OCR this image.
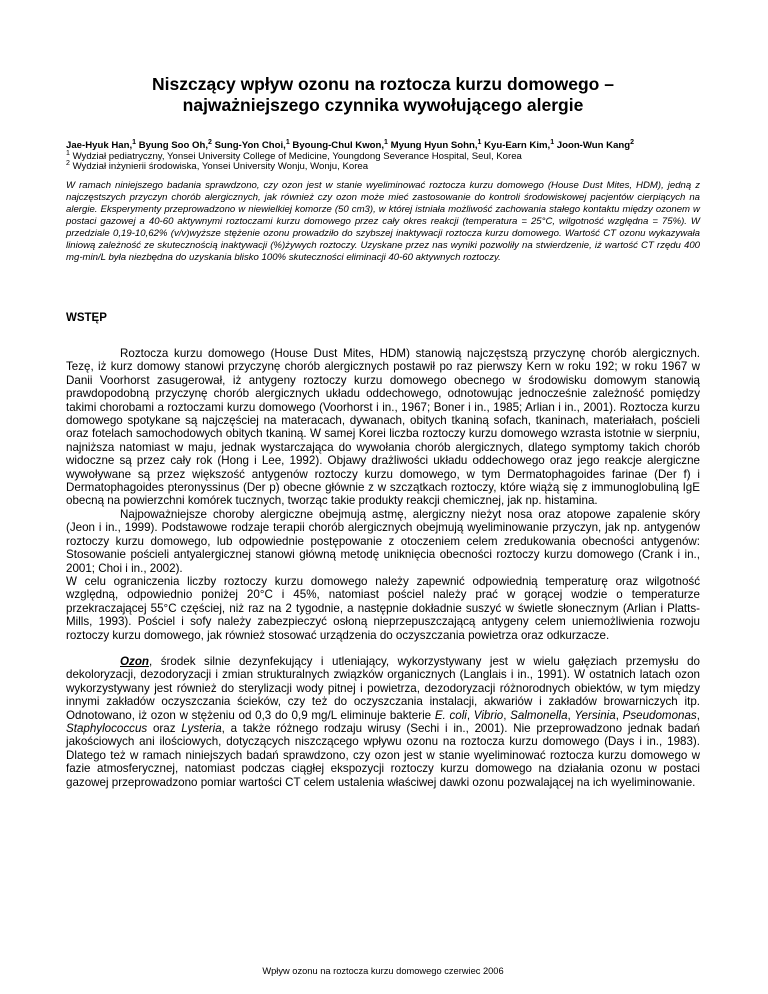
Niszczący wpływ ozonu na roztocza kurzu domowego –
najważniejszego czynnika wywołującego alergie
Jae-Hyuk Han,$^1$ Byung Soo Oh,$^2$ Sung-Yon Choi,$^1$ Byoung-Chul Kwon,$^1$ Myung Hyun Sohn,$^1$ Kyu-Earn Kim,$^1$ Joon-Wun Kang$^2$
$^1$ Wydział pediatryczny, Yonsei University College of Medicine, Youngdong Severance Hospital, Seul, Korea
$^2$ Wydział inżynierii środowiska, Yonsei University Wonju, Wonju, Korea

W ramach niniejszego badania sprawdzono, czy ozon jest w stanie wyeliminować roztocza kurzu domowego (House Dust Mites, HDM), jedną z najczęstszych przyczyn chorób alergicznych, jak również czy ozon może mieć zastosowanie do kontroli środowiskowej pacjentów cierpiących na alergie. Eksperymenty przeprowadzono w niewielkiej komorze (50 cm3), w której istniała możliwość zachowania stałego kontaktu między ozonem w postaci gazowej a 40-60 aktywnymi roztoczami kurzu domowego przez cały okres reakcji (temperatura = 25°C, wilgotność względna = 75%). W przedziale 0,19-10,62% (v/v)wyższe stężenie ozonu prowadziło do szybszej inaktywacji roztocza kurzu domowego. Wartość CT ozonu wykazywała liniową zależność ze skutecznością inaktywacji (%)żywych roztoczy. Uzyskane przez nas wyniki pozwoliły na stwierdzenie, iż wartość CT rzędu 400 mg-min/L była niezbędna do uzyskania blisko 100% skuteczności eliminacji 40-60 aktywnych roztoczy.

WSTĘP

Roztocza kurzu domowego (House Dust Mites, HDM) stanowią najczęstszą przyczynę chorób alergicznych. Tezę, iż kurz domowy stanowi przyczynę chorób alergicznych postawił po raz pierwszy Kern w roku 192; w roku 1967 w Danii Voorhorst zasugerował, iż antygeny roztoczy kurzu domowego obecnego w środowisku domowym stanowią prawdopodobną przyczynę chorób alergicznych układu oddechowego, odnotowując jednocześnie zależność pomiędzy takimi chorobami a roztoczami kurzu domowego (Voorhorst i in., 1967; Boner i in., 1985; Arlian i in., 2001). Roztocza kurzu domowego spotykane są najczęściej na materacach, dywanach, obitych tkaniną sofach, tkaninach, materiałach, pościeli oraz fotelach samochodowych obitych tkaniną. W samej Korei liczba roztoczy kurzu domowego wzrasta istotnie w sierpniu, najniższa natomiast w maju, jednak wystarczająca do wywołania chorób alergicznych, dlatego symptomy takich chorób widoczne są przez cały rok (Hong i Lee, 1992). Objawy drażliwości układu oddechowego oraz jego reakcje alergiczne wywoływane są przez większość antygenów roztoczy kurzu domowego, w tym Dermatophagoides farinae (Der f) i Dermatophagoides pteronyssinus (Der p) obecne głównie z w szczątkach roztoczy, które wiążą się z immunoglobuliną IgE obecną na powierzchni komórek tucznych, tworząc takie produkty reakcji chemicznej, jak np. histamina.

Najpoważniejsze choroby alergiczne obejmują astmę, alergiczny nieżyt nosa oraz atopowe zapalenie skóry (Jeon i in., 1999). Podstawowe rodzaje terapii chorób alergicznych obejmują wyeliminowanie przyczyn, jak np. antygenów roztoczy kurzu domowego, lub odpowiednie postępowanie z otoczeniem celem zredukowania obecności antygenów: Stosowanie pościeli antyalergicznej stanowi główną metodę uniknięcia obecności roztoczy kurzu domowego (Crank i in., 2001; Choi i in., 2002).

W celu ograniczenia liczby roztoczy kurzu domowego należy zapewnić odpowiednią temperaturę oraz wilgotność względną, odpowiednio poniżej 20°C i 45%, natomiast pościel należy prać w gorącej wodzie o temperaturze przekraczającej 55°C częściej, niż raz na 2 tygodnie, a następnie dokładnie suszyć w świetle słonecznym (Arlian i Platts-Mills, 1993). Pościel i sofy należy zabezpieczyć osłoną nieprzepuszczającą antygeny celem uniemożliwienia rozwoju roztoczy kurzu domowego, jak również stosować urządzenia do oczyszczania powietrza oraz odkurzacze.

Ozon, środek silnie dezynfekujący i utleniający, wykorzystywany jest w wielu gałęziach przemysłu do dekoloryzacji, dezodoryzacji i zmian strukturalnych związków organicznych (Langlais i in., 1991). W ostatnich latach ozon wykorzystywany jest również do sterylizacji wody pitnej i powietrza, dezodoryzacji różnorodnych obiektów, w tym między innymi zakładów oczyszczania ścieków, czy też do oczyszczania instalacji, akwariów i zakładów browarniczych itp. Odnotowano, iż ozon w stężeniu od 0,3 do 0,9 mg/L eliminuje bakterie E. coli, Vibrio, Salmonella, Yersinia, Pseudomonas, Staphylococcus oraz Lysteria, a także różnego rodzaju wirusy (Sechi i in., 2001). Nie przeprowadzono jednak badań jakościowych ani ilościowych, dotyczących niszczącego wpływu ozonu na roztocza kurzu domowego (Days i in., 1983). Dlatego też w ramach niniejszych badań sprawdzono, czy ozon jest w stanie wyeliminować roztocza kurzu domowego w fazie atmosferycznej, natomiast podczas ciągłej ekspozycji roztoczy kurzu domowego na działania ozonu w postaci gazowej przeprowadzono pomiar wartości CT celem ustalenia właściwej dawki ozonu pozwalającej na ich wyeliminowanie.

Wpływ ozonu na roztocza kurzu domowego czerwiec 2006
